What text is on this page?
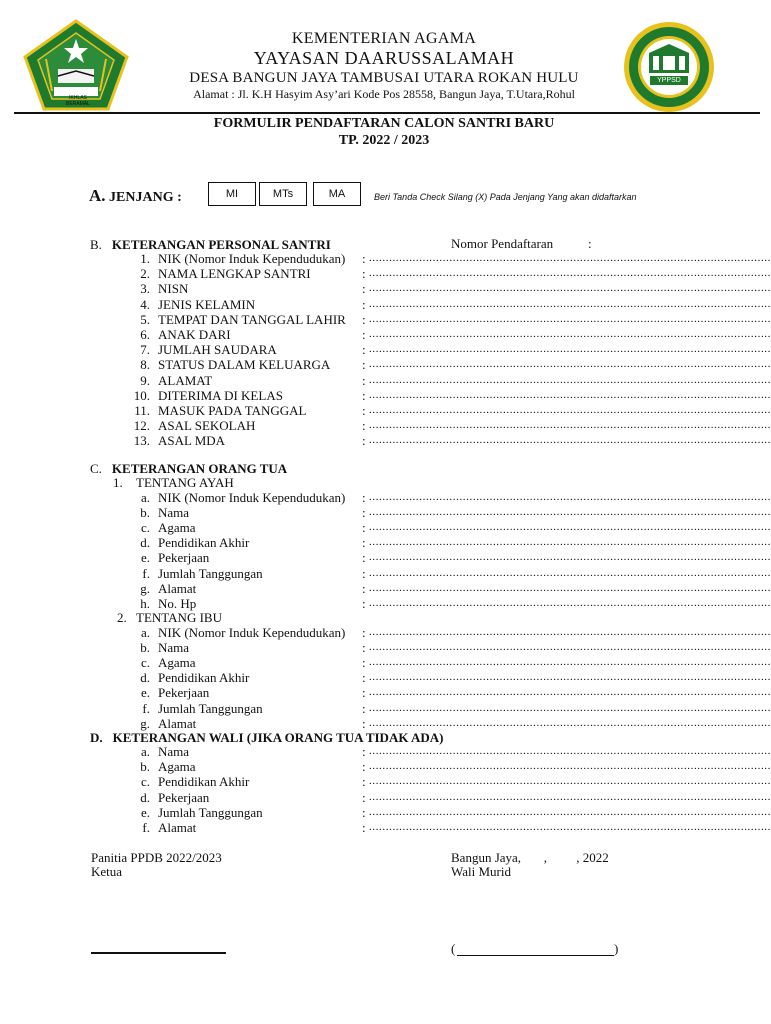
IKHLAS BERAMAL
YPPSD
KEMENTERIAN AGAMA
YAYASAN DAARUSSALAMAH
DESA BANGUN JAYA TAMBUSAI UTARA ROKAN HULU
Alamat : Jl. K.H Hasyim Asy’ari Kode Pos 28558, Bangun Jaya, T.Utara,Rohul
FORMULIR PENDAFTARAN CALON SANTRI BARU
TP. 2022 / 2023
A. JENJANG :	MI	MTs	MA	Beri Tanda Check Silang (X) Pada Jenjang Yang akan didaftarkan
B. KETERANGAN PERSONAL SANTRI	Nomor Pendaftaran	:
1. NIK (Nomor Induk Kependudukan) : ........................................................................................................................
2. NAMA LENGKAP SANTRI	: ........................................................................................................................
3. NISN	: ........................................................................................................................
4. JENIS KELAMIN	: ........................................................................................................................
5. TEMPAT DAN TANGGAL LAHIR : ........................................................................................................................
6. ANAK DARI	: ........................................................................................................................
7. JUMLAH SAUDARA	: ........................................................................................................................
8. STATUS DALAM KELUARGA : ........................................................................................................................
9. ALAMAT	: ........................................................................................................................
10. DITERIMA DI KELAS	: ........................................................................................................................
11. MASUK PADA TANGGAL	: ........................................................................................................................
12. ASAL SEKOLAH	: ........................................................................................................................
13. ASAL MDA	: ........................................................................................................................
C. KETERANGAN ORANG TUA
1. TENTANG AYAH
a. NIK (Nomor Induk Kependudukan) : ........................................................................................................................
b. Nama	: ........................................................................................................................
c. Agama	: ........................................................................................................................
d. Pendidikan Akhir	: ........................................................................................................................
e. Pekerjaan	: ........................................................................................................................
f. Jumlah Tanggungan	: ........................................................................................................................
g. Alamat	: ........................................................................................................................
h. No. Hp	: ........................................................................................................................
2. TENTANG IBU
a. NIK (Nomor Induk Kependudukan) : ........................................................................................................................
b. Nama	: ........................................................................................................................
c. Agama	: ........................................................................................................................
d. Pendidikan Akhir	: ........................................................................................................................
e. Pekerjaan	: ........................................................................................................................
f. Jumlah Tanggungan	: ........................................................................................................................
g. Alamat	: ........................................................................................................................
D. KETERANGAN WALI (JIKA ORANG TUA TIDAK ADA)
a. Nama	: ........................................................................................................................
b. Agama	: ........................................................................................................................
c. Pendidikan Akhir	: ........................................................................................................................
d. Pekerjaan	: ........................................................................................................................
e. Jumlah Tanggungan	: ........................................................................................................................
f. Alamat	: ........................................................................................................................
Panitia PPDB 2022/2023
Ketua
Bangun Jaya,       ,         , 2022
Wali Murid
(	)
